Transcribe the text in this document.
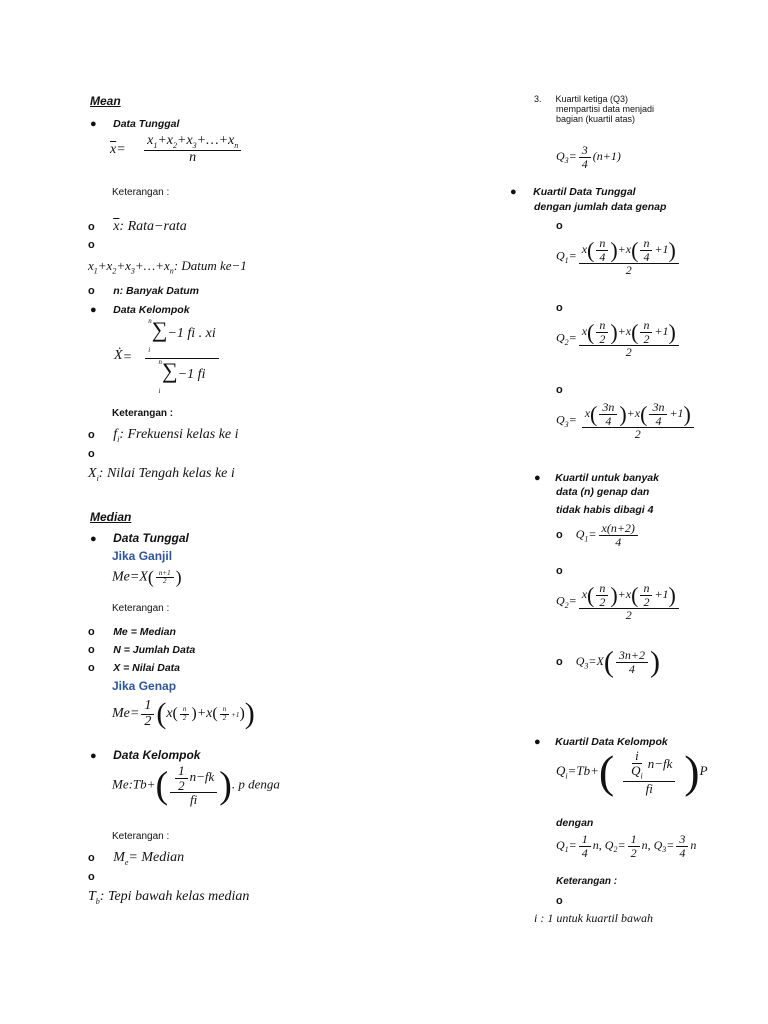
Mean
● Data Tunggal
$\overline{x}= \frac{x_1+x_2+x_3+\dots+x_n}{n}$
Keterangan :
o $\overline{x}$: Rata−rata
o
$x_1+x_2+x_3+\dots+x_n$: Datum ke−1
o n: Banyak Datum
● Data Kelompok
Ẋ=
$^n$∑−1 fi . xi
i
$^n$∑−1 fi
i
Keterangan :
o $f_i$: Frekuensi kelas ke i
o
$X_i$: Nilai Tengah kelas ke i
Median
● Data Tunggal
Jika Ganjil
$Me=X( \frac{n+1}{2}$ )
Keterangan :
o Me = Median
o N = Jumlah Data
o X = Nilai Data
Jika Genap
$Me= \frac{1}{2} (x( \frac{n}{2} )+x( \frac{n}{2} +1))$
● Data Kelompok
Me:Tb+( $\frac{\frac{1}{2} n-fk}{fi}$ ). p denga
Keterangan :
o $M_e=$ Median
o
$T_b$: Tepi bawah kelas median

3. Kuartil ketiga (Q3)
mempartisi data menjadi
bagian (kuartil atas)
$Q_3= \frac{3}{4} (n+1)$
● Kuartil Data Tunggal
dengan jumlah data genap
o
$Q_1= \frac{x( \frac{n}{4} )+x( \frac{n}{4} +1)}{2}$
o
$Q_2= \frac{x( \frac{n}{2} )+x( \frac{n}{2} +1)}{2}$
o
$Q_3= \frac{x( \frac{3n}{4} )+x( \frac{3n}{4} +1)}{2}$
● Kuartil untuk banyak
data (n) genap dan
tidak habis dibagi 4
o $Q_1= \frac{x(n+2)}{4}$
o
$Q_2= \frac{x( \frac{n}{2} )+x( \frac{n}{2} +1)}{2}$
o $Q_3=X( \frac{3n+2}{4}$ )
● Kuartil Data Kelompok
$Q_i=Tb+( \frac{\frac{i}{Q_i} n-fk}{fi} )P$
dengan
$Q_1= \frac{1}{4} n$, $Q_2= \frac{1}{2} n$, $Q_3= \frac{3}{4}$ n
Keterangan :
o
i : 1 untuk kuartil bawah
